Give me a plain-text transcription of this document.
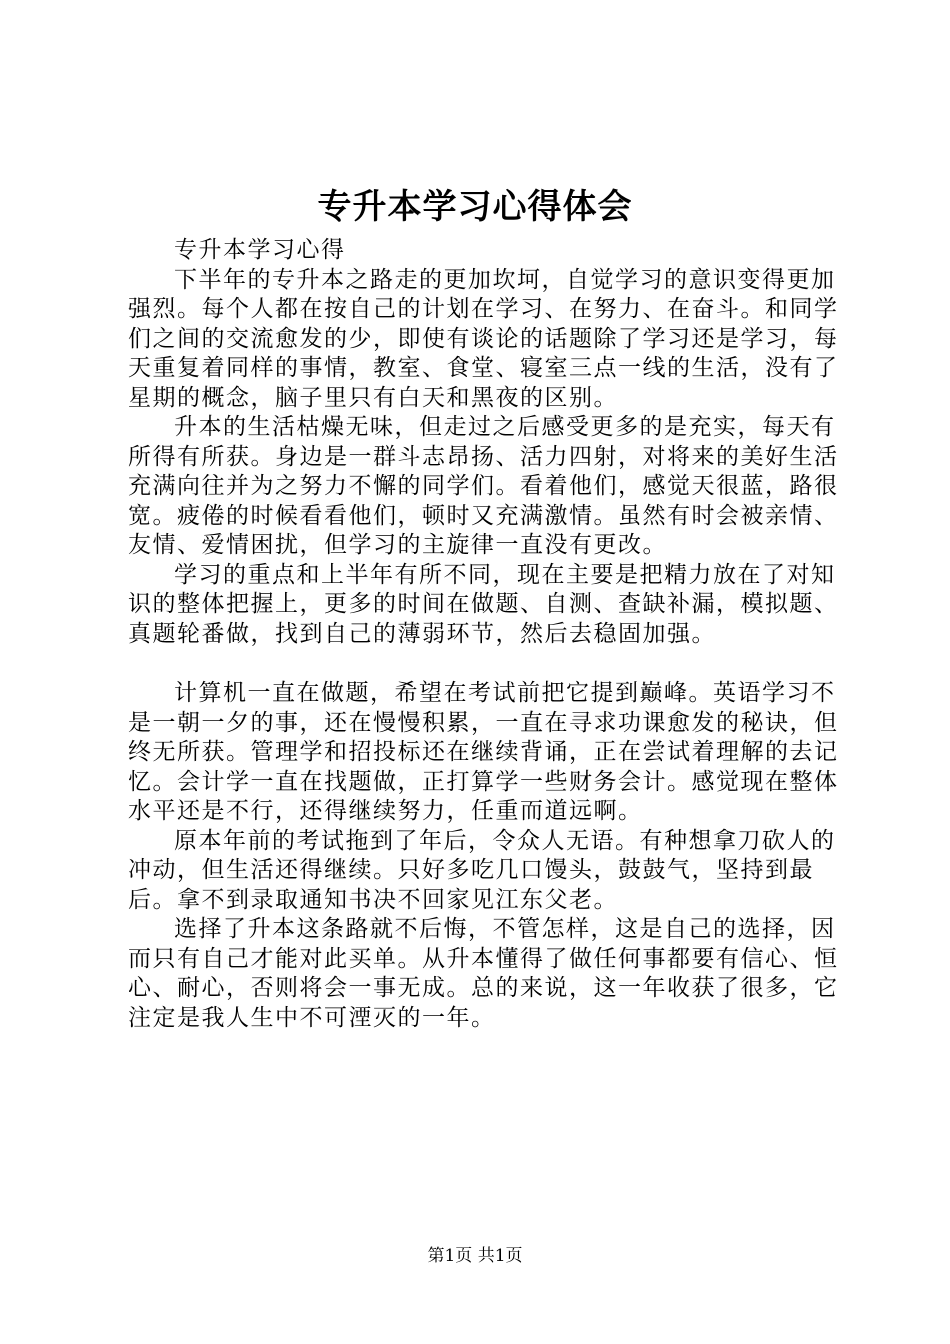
专升本学习心得体会

专升本学习心得

下半年的专升本之路走的更加坎坷，自觉学习的意识变得更加强烈。每个人都在按自己的计划在学习、在努力、在奋斗。和同学们之间的交流愈发的少，即使有谈论的话题除了学习还是学习，每天重复着同样的事情，教室、食堂、寝室三点一线的生活，没有了星期的概念，脑子里只有白天和黑夜的区别。

升本的生活枯燥无味，但走过之后感受更多的是充实，每天有所得有所获。身边是一群斗志昂扬、活力四射，对将来的美好生活充满向往并为之努力不懈的同学们。看着他们，感觉天很蓝，路很宽。疲倦的时候看看他们，顿时又充满激情。虽然有时会被亲情、友情、爱情困扰，但学习的主旋律一直没有更改。

学习的重点和上半年有所不同，现在主要是把精力放在了对知识的整体把握上，更多的时间在做题、自测、查缺补漏，模拟题、真题轮番做，找到自己的薄弱环节，然后去稳固加强。

计算机一直在做题，希望在考试前把它提到巅峰。英语学习不是一朝一夕的事，还在慢慢积累，一直在寻求功课愈发的秘诀，但终无所获。管理学和招投标还在继续背诵，正在尝试着理解的去记忆。会计学一直在找题做，正打算学一些财务会计。感觉现在整体水平还是不行，还得继续努力，任重而道远啊。

原本年前的考试拖到了年后，令众人无语。有种想拿刀砍人的冲动，但生活还得继续。只好多吃几口馒头，鼓鼓气，坚持到最后。拿不到录取通知书决不回家见江东父老。

选择了升本这条路就不后悔，不管怎样，这是自己的选择，因而只有自己才能对此买单。从升本懂得了做任何事都要有信心、恒心、耐心，否则将会一事无成。总的来说，这一年收获了很多，它注定是我人生中不可湮灭的一年。

第1页 共1页
